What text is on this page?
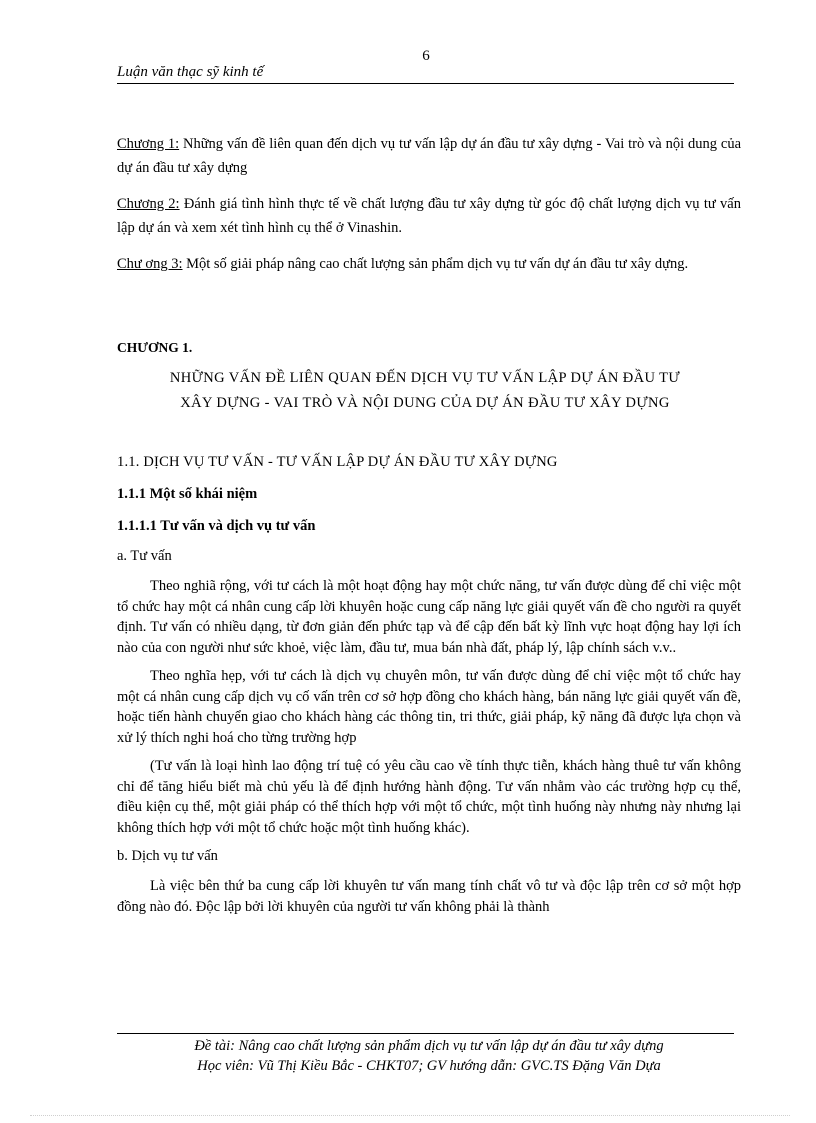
6
Luận văn thạc sỹ kinh tế

Chương 1: Những vấn đề liên quan đến dịch vụ tư vấn lập dự án đầu tư xây dựng - Vai trò và nội dung của dự án đầu tư xây dựng

Chương 2: Đánh giá tình hình thực tế về chất lượng đầu tư xây dựng từ góc độ chất lượng dịch vụ tư vấn lập dự án và xem xét tình hình cụ thể ở Vinashin.

Chư ơng 3: Một số giải pháp nâng cao chất lượng sản phẩm dịch vụ tư vấn dự án đầu tư xây dựng.

CHƯƠNG 1.
NHỮNG VẤN ĐỀ LIÊN QUAN ĐẾN DỊCH VỤ TƯ VẤN LẬP DỰ ÁN ĐẦU TƯ
XÂY DỰNG - VAI TRÒ VÀ NỘI DUNG CỦA DỰ ÁN ĐẦU TƯ XÂY DỰNG

1.1. DỊCH VỤ TƯ VẤN - TƯ VẤN LẬP DỰ ÁN ĐẦU TƯ XÂY DỰNG

1.1.1 Một số khái niệm

1.1.1.1 Tư vấn và dịch vụ tư vấn

a. Tư vấn

Theo nghiã rộng, với tư cách là một hoạt động hay một chức năng, tư vấn được dùng để chỉ việc một tổ chức hay một cá nhân cung cấp lời khuyên hoặc cung cấp năng lực giải quyết vấn đề cho người ra quyết định. Tư vấn có nhiều dạng, từ đơn giản đến phức tạp và để cập đến bất kỳ lĩnh vực hoạt động hay lợi ích nào của con người như sức khoẻ, việc làm, đầu tư, mua bán nhà đất, pháp lý, lập chính sách v.v..

Theo nghĩa hẹp, với tư cách là dịch vụ chuyên môn, tư vấn được dùng để chỉ việc một tổ chức hay một cá nhân cung cấp dịch vụ cố vấn trên cơ sở hợp đồng cho khách hàng, bán năng lực giải quyết vấn đề, hoặc tiến hành chuyển giao cho khách hàng các thông tin, tri thức, giải pháp, kỹ năng đã được lựa chọn và xử lý thích nghi hoá cho từng trường hợp

(Tư vấn là loại hình lao động trí tuệ có yêu cầu cao về tính thực tiễn, khách hàng thuê tư vấn không chỉ để tăng hiểu biết mà chủ yếu là để định hướng hành động. Tư vấn nhằm vào các trường hợp cụ thể, điều kiện cụ thể, một giải pháp có thể thích hợp với một tổ chức, một tình huống này nhưng này nhưng lại không thích hợp với một tổ chức hoặc một tình huống khác).

b. Dịch vụ tư vấn

Là việc bên thứ ba cung cấp lời khuyên tư vấn mang tính chất vô tư và độc lập trên cơ sở một hợp đồng nào đó. Độc lập bởi lời khuyên của người tư vấn không phải là thành

Đề tài: Nâng cao chất lượng sản phẩm dịch vụ tư vấn lập dự án đầu tư xây dựng
Học viên: Vũ Thị Kiều Bắc - CHKT07; GV hướng dẫn: GVC.TS Đặng Văn Dựa
